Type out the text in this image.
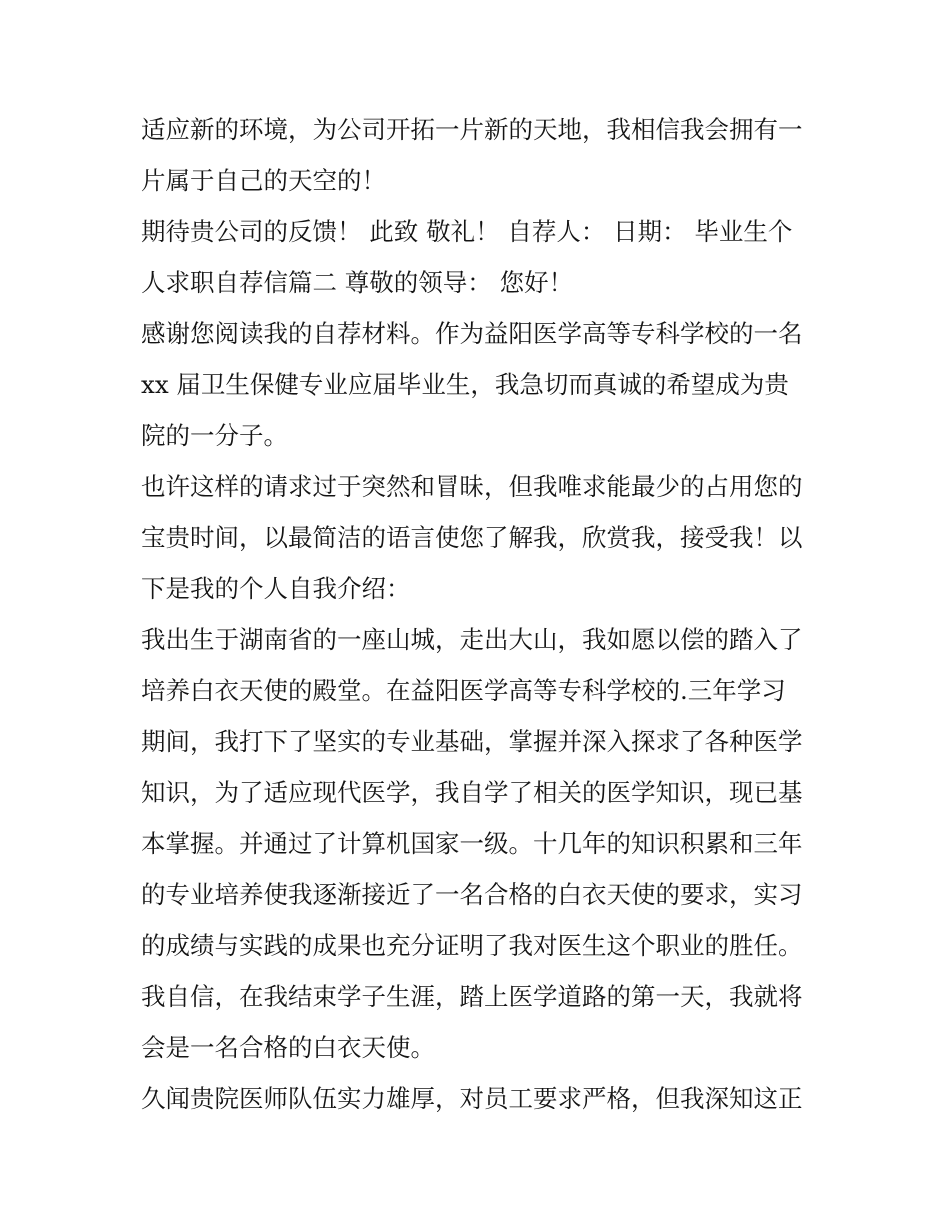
适应新的环境，为公司开拓一片新的天地，我相信我会拥有一

片属于自己的天空的！

期待贵公司的反馈！ 此致 敬礼！ 自荐人： 日期： 毕业生个

人求职自荐信篇二 尊敬的领导： 您好！

感谢您阅读我的自荐材料。作为益阳医学高等专科学校的一名

xx 届卫生保健专业应届毕业生，我急切而真诚的希望成为贵

院的一分子。

也许这样的请求过于突然和冒昧，但我唯求能最少的占用您的

宝贵时间，以最简洁的语言使您了解我，欣赏我，接受我！以

下是我的个人自我介绍：

我出生于湖南省的一座山城，走出大山，我如愿以偿的踏入了

培养白衣天使的殿堂。在益阳医学高等专科学校的.三年学习

期间，我打下了坚实的专业基础，掌握并深入探求了各种医学

知识，为了适应现代医学，我自学了相关的医学知识，现已基

本掌握。并通过了计算机国家一级。十几年的知识积累和三年

的专业培养使我逐渐接近了一名合格的白衣天使的要求，实习

的成绩与实践的成果也充分证明了我对医生这个职业的胜任。

我自信，在我结束学子生涯，踏上医学道路的第一天，我就将

会是一名合格的白衣天使。

久闻贵院医师队伍实力雄厚，对员工要求严格，但我深知这正
